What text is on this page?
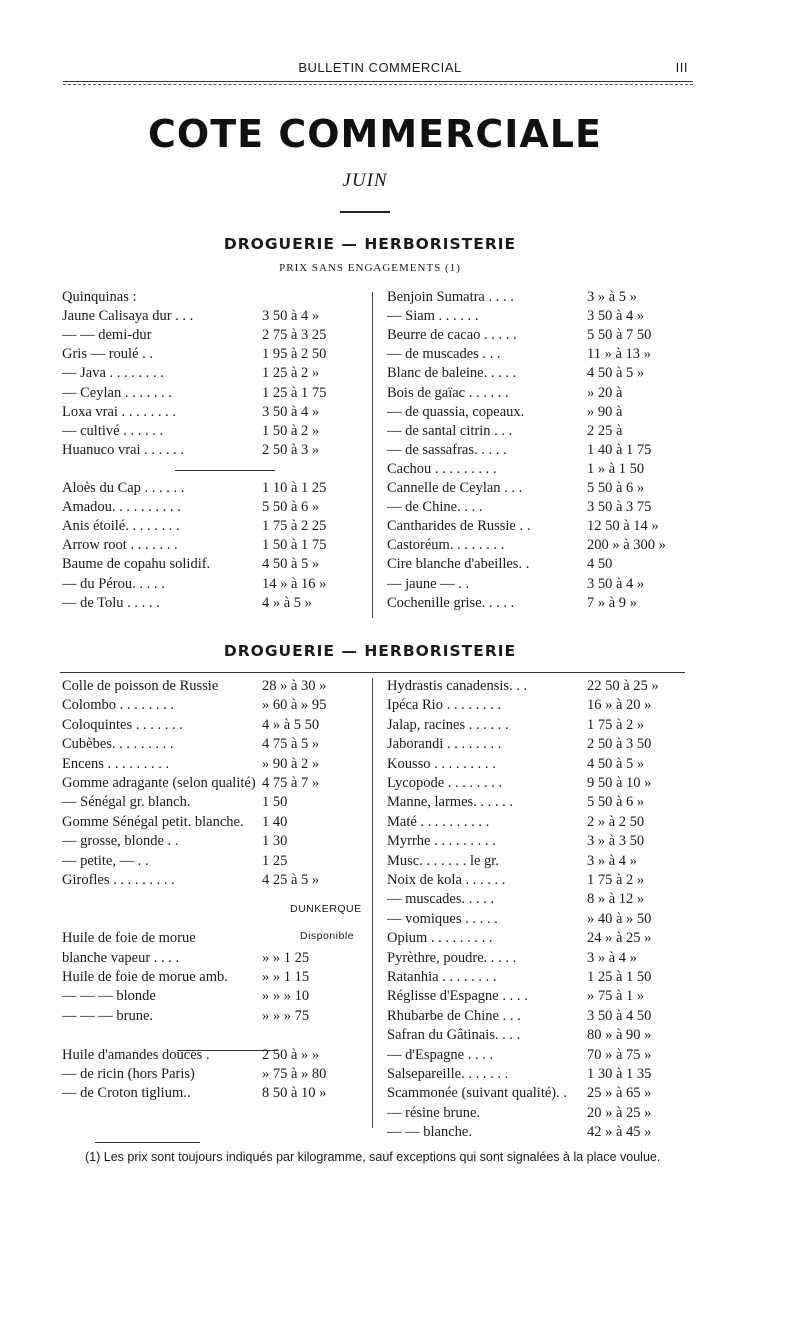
BULLETIN COMMERCIAL	III
COTE COMMERCIALE
JUIN
DROGUERIE — HERBORISTERIE
PRIX SANS ENGAGEMENTS (1)
Quinquinas :
Jaune Calisaya dur . . .	3 50 à 4 »
— — demi-dur	2 75 à 3 25
Gris — roulé . .	1 95 à 2 50
— Java . . . . . . . .	1 25 à 2 »
— Ceylan . . . . . . .	1 25 à 1 75
Loxa vrai . . . . . . . .	3 50 à 4 »
— cultivé . . . . . .	1 50 à 2 »
Huanuco vrai . . . . . .	2 50 à 3 »
Aloès du Cap . . . . . .	1 10 à 1 25
Amadou. . . . . . . . . .	5 50 à 6 »
Anis étoilé. . . . . . . .	1 75 à 2 25
Arrow root . . . . . . .	1 50 à 1 75
Baume de copahu solidif.	4 50 à 5 »
— du Pérou. . . . .	14 » à 16 »
— de Tolu . . . . .	4 » à 5 »
Benjoin Sumatra . . . .	3 » à 5 »
— Siam . . . . . .	3 50 à 4 »
Beurre de cacao . . . . .	5 50 à 7 50
— de muscades . . .	11 » à 13 »
Blanc de baleine. . . . .	4 50 à 5 »
Bois de gaïac . . . . . .	» 20 à
— de quassia, copeaux.	» 90 à
— de santal citrin . . .	2 25 à
— de sassafras. . . . .	1 40 à 1 75
Cachou . . . . . . . . .	1 » à 1 50
Cannelle de Ceylan . . .	5 50 à 6 »
— de Chine. . . .	3 50 à 3 75
Cantharides de Russie . .	12 50 à 14 »
Castoréum. . . . . . . .	200 » à 300 »
Cire blanche d'abeilles. .	4 50
— jaune — . .	3 50 à 4 »
Cochenille grise. . . . .	7 » à 9 »
DROGUERIE — HERBORISTERIE
Colle de poisson de Russie	28 » à 30 »
Colombo . . . . . . . .	» 60 à » 95
Coloquintes . . . . . . .	4 » à 5 50
Cubèbes. . . . . . . . .	4 75 à 5 »
Encens . . . . . . . . .	» 90 à 2 »
Gomme adragante (selon qualité) 4 75 à 7 »
— Sénégal gr. blanch.	1 50
Gomme Sénégal petit. blanche.	1 40
— grosse, blonde . .	1 30
— petite, — . .	1 25
Girofles . . . . . . . . .	4 25 à 5 »
Huile de foie de morue
blanche vapeur . . . .	» » 1 25
Huile de foie de morue amb.	» » 1 15
— — — blonde	» » » 10
— — — brune.	» » » 75
Huile d'amandes douces .	2 50 à » »
— de ricin (hors Paris)	» 75 à » 80
— de Croton tiglium..	8 50 à 10 »
Hydrastis canadensis. . .	22 50 à 25 »
Ipéca Rio . . . . . . . .	16 » à 20 »
Jalap, racines . . . . . .	1 75 à 2 »
Jaborandi . . . . . . . .	2 50 à 3 50
Kousso . . . . . . . . .	4 50 à 5 »
Lycopode . . . . . . . .	9 50 à 10 »
Manne, larmes. . . . . .	5 50 à 6 »
Maté . . . . . . . . . .	2 » à 2 50
Myrrhe . . . . . . . . .	3 » à 3 50
Musc. . . . . . . le gr.	3 » à 4 »
Noix de kola . . . . . .	1 75 à 2 »
— muscades. . . . .	8 » à 12 »
— vomiques . . . . .	» 40 à » 50
Opium . . . . . . . . .	24 » à 25 »
Pyrèthre, poudre. . . . .	3 » à 4 »
Ratanhia . . . . . . . .	1 25 à 1 50
Réglisse d'Espagne . . . .	» 75 à 1 »
Rhubarbe de Chine . . .	3 50 à 4 50
Safran du Gâtinais. . . .	80 » à 90 »
— d'Espagne . . . .	70 » à 75 »
Salsepareille. . . . . . .	1 30 à 1 35
Scammonée (suivant qualité). .	25 » à 65 »
— résine brune.	20 » à 25 »
— — blanche.	42 » à 45 »
DUNKERQUE
Disponible
(1) Les prix sont toujours indiqués par kilogramme, sauf exceptions qui sont signalées à la place voulue.
